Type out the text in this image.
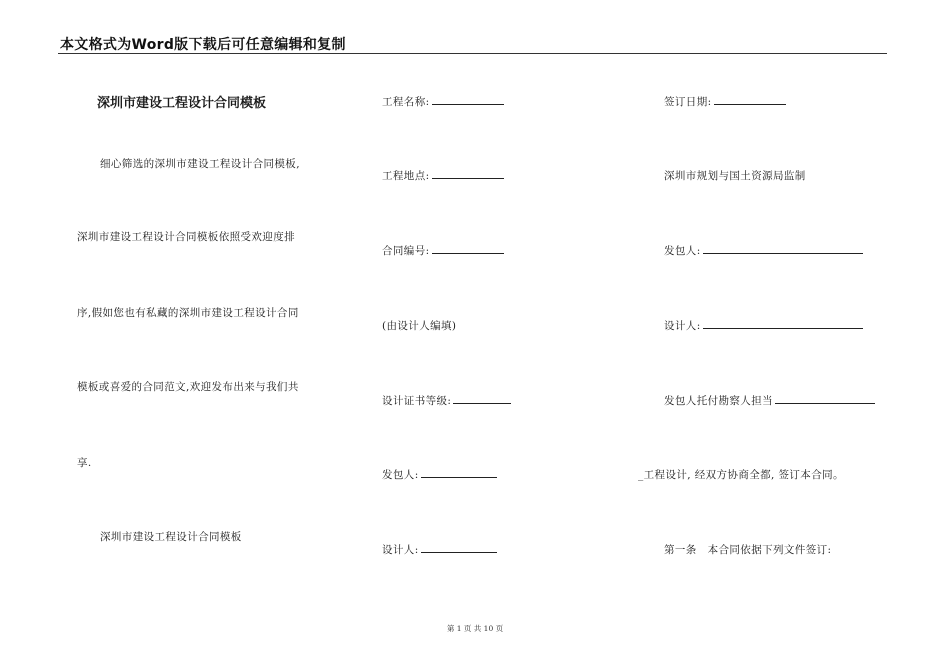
本文格式为Word版下载后可任意编辑和复制
深圳市建设工程设计合同模板
细心筛选的深圳市建设工程设计合同模板,
深圳市建设工程设计合同模板依照受欢迎度排
序,假如您也有私藏的深圳市建设工程设计合同
模板或喜爱的合同范文,欢迎发布出来与我们共
享.
深圳市建设工程设计合同模板
工程名称:
工程地点:
合同编号:
(由设计人编填)
设计证书等级:
发包人:
设计人:
签订日期:
深圳市规划与国土资源局监制
发包人:
设计人:
发包人托付勘察人担当
_工程设计, 经双方协商全都, 签订本合同。
第一条　本合同依据下列文件签订:
第 1 页 共 10 页
